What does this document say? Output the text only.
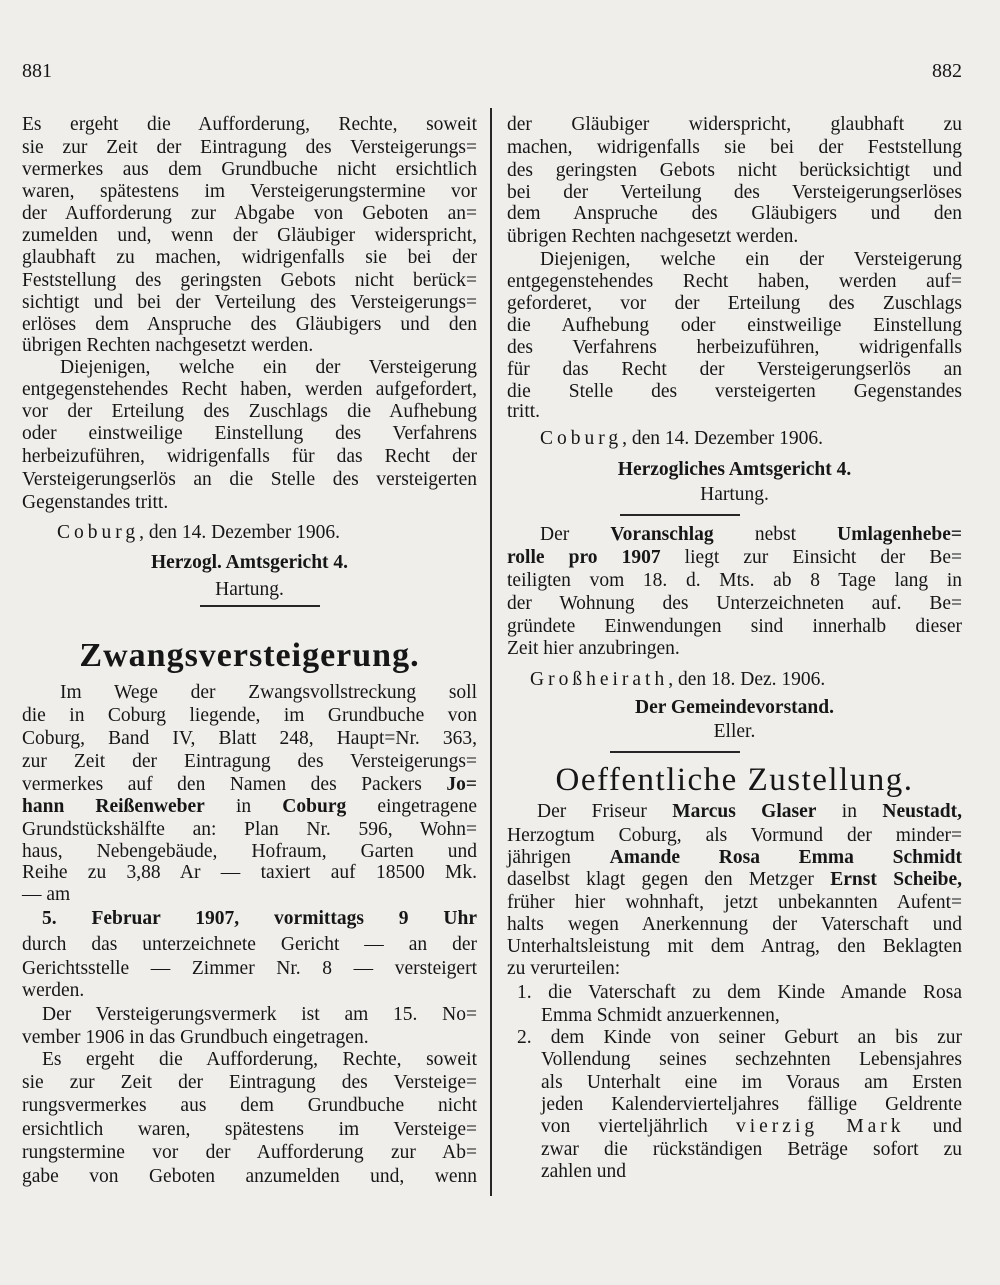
881	882
Es ergeht die Aufforderung, Rechte, soweit
sie zur Zeit der Eintragung des Versteigerungs=
vermerkes aus dem Grundbuche nicht ersichtlich
waren, spätestens im Versteigerungstermine vor
der Aufforderung zur Abgabe von Geboten an=
zumelden und, wenn der Gläubiger widerspricht,
glaubhaft zu machen, widrigenfalls sie bei der
Feststellung des geringsten Gebots nicht berück=
sichtigt und bei der Verteilung des Versteigerungs=
erlöses dem Anspruche des Gläubigers und den
übrigen Rechten nachgesetzt werden.
Diejenigen, welche ein der Versteigerung
entgegenstehendes Recht haben, werden aufgefordert,
vor der Erteilung des Zuschlags die Aufhebung
oder einstweilige Einstellung des Verfahrens
herbeizuführen, widrigenfalls für das Recht der
Versteigerungserlös an die Stelle des versteigerten
Gegenstandes tritt.
Coburg, den 14. Dezember 1906.
Herzogl. Amtsgericht 4.
Hartung.
Zwangsversteigerung.
Im Wege der Zwangsvollstreckung soll
die in Coburg liegende, im Grundbuche von
Coburg, Band IV, Blatt 248, Haupt=Nr. 363,
zur Zeit der Eintragung des Versteigerungs=
vermerkes auf den Namen des Packers Jo=
hann Reißenweber in Coburg eingetragene
Grundstückshälfte an: Plan Nr. 596, Wohn=
haus, Nebengebäude, Hofraum, Garten und
Reihe zu 3,88 Ar — taxiert auf 18500 Mk.
— am
5. Februar 1907, vormittags 9 Uhr
durch das unterzeichnete Gericht — an der
Gerichtsstelle — Zimmer Nr. 8 — versteigert
werden.
Der Versteigerungsvermerk ist am 15. No=
vember 1906 in das Grundbuch eingetragen.
Es ergeht die Aufforderung, Rechte, soweit
sie zur Zeit der Eintragung des Versteige=
rungsvermerkes aus dem Grundbuche nicht
ersichtlich waren, spätestens im Versteige=
rungstermine vor der Aufforderung zur Ab=
gabe von Geboten anzumelden und, wenn
der Gläubiger widerspricht, glaubhaft zu
machen, widrigenfalls sie bei der Feststellung
des geringsten Gebots nicht berücksichtigt und
bei der Verteilung des Versteigerungserlöses
dem Anspruche des Gläubigers und den
übrigen Rechten nachgesetzt werden.
Diejenigen, welche ein der Versteigerung
entgegenstehendes Recht haben, werden auf=
geforderet, vor der Erteilung des Zuschlags
die Aufhebung oder einstweilige Einstellung
des Verfahrens herbeizuführen, widrigenfalls
für das Recht der Versteigerungserlös an
die Stelle des versteigerten Gegenstandes
tritt.
Coburg, den 14. Dezember 1906.
Herzogliches Amtsgericht 4.
Hartung.
Der Voranschlag nebst Umlagenhebe=
rolle pro 1907 liegt zur Einsicht der Be=
teiligten vom 18. d. Mts. ab 8 Tage lang in
der Wohnung des Unterzeichneten auf. Be=
gründete Einwendungen sind innerhalb dieser
Zeit hier anzubringen.
Großheirath, den 18. Dez. 1906.
Der Gemeindevorstand.
Eller.
Oeffentliche Zustellung.
Der Friseur Marcus Glaser in Neustadt,
Herzogtum Coburg, als Vormund der minder=
jährigen Amande Rosa Emma Schmidt
daselbst klagt gegen den Metzger Ernst Scheibe,
früher hier wohnhaft, jetzt unbekannten Aufent=
halts wegen Anerkennung der Vaterschaft und
Unterhaltsleistung mit dem Antrag, den Beklagten
zu verurteilen:
1. die Vaterschaft zu dem Kinde Amande Rosa
Emma Schmidt anzuerkennen,
2. dem Kinde von seiner Geburt an bis zur
Vollendung seines sechzehnten Lebensjahres
als Unterhalt eine im Voraus am Ersten
jeden Kalendervierteljahres fällige Geldrente
von vierteljährlich vierzig Mark und
zwar die rückständigen Beträge sofort zu
zahlen und
